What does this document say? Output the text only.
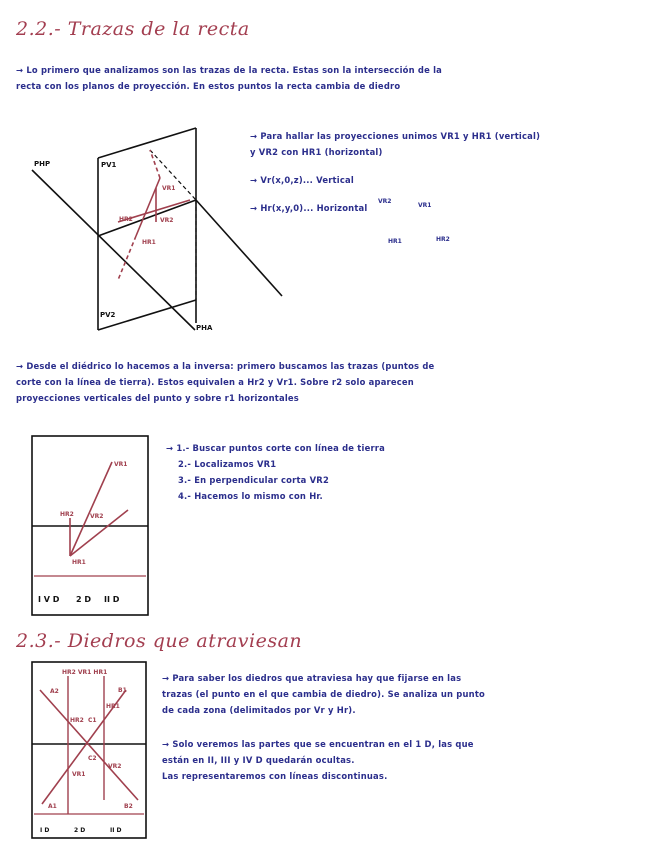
2.2.- Trazas de la recta

→ Lo primero que analizamos son las trazas de la recta. Estas son la intersección de la

recta con los planos de proyección. En estos puntos la recta cambia de diedro

PHP	PV1
PV2
PHA
VR1
VR2
HR2
HR1

→ Para hallar las proyecciones unimos VR1 y HR1 (vertical)

y VR2 con HR1 (horizontal)

→ Vr(x,0,z)... Vertical

→ Hr(x,y,0)... Horizontal

VR2
VR1
HR1	HR2

→ Desde el diédrico lo hacemos a la inversa: primero buscamos las trazas (puntos de

corte con la línea de tierra). Estos equivalen a Hr2 y Vr1. Sobre r2 solo aparecen

proyecciones verticales del punto y sobre r1 horizontales

VR1
HR2	VR2
HR1
I V D 2 D II D

→ 1.- Buscar puntos corte con línea de tierra

2.- Localizamos VR1

3.- En perpendicular corta VR2

4.- Hacemos lo mismo con Hr.

2.3.- Diedros que atraviesan
HR2 VR1 HR1
A2
A1
B1
B2
HR2
VR2
HR1
VR1
C1
C2
I D	2 D	II D

→ Para saber los diedros que atraviesa hay que fijarse en las

trazas (el punto en el que cambia de diedro). Se analiza un punto

de cada zona (delimitados por Vr y Hr).

→ Solo veremos las partes que se encuentran en el 1 D, las que

están en II, III y IV D quedarán ocultas.

Las representaremos con líneas discontinuas.
